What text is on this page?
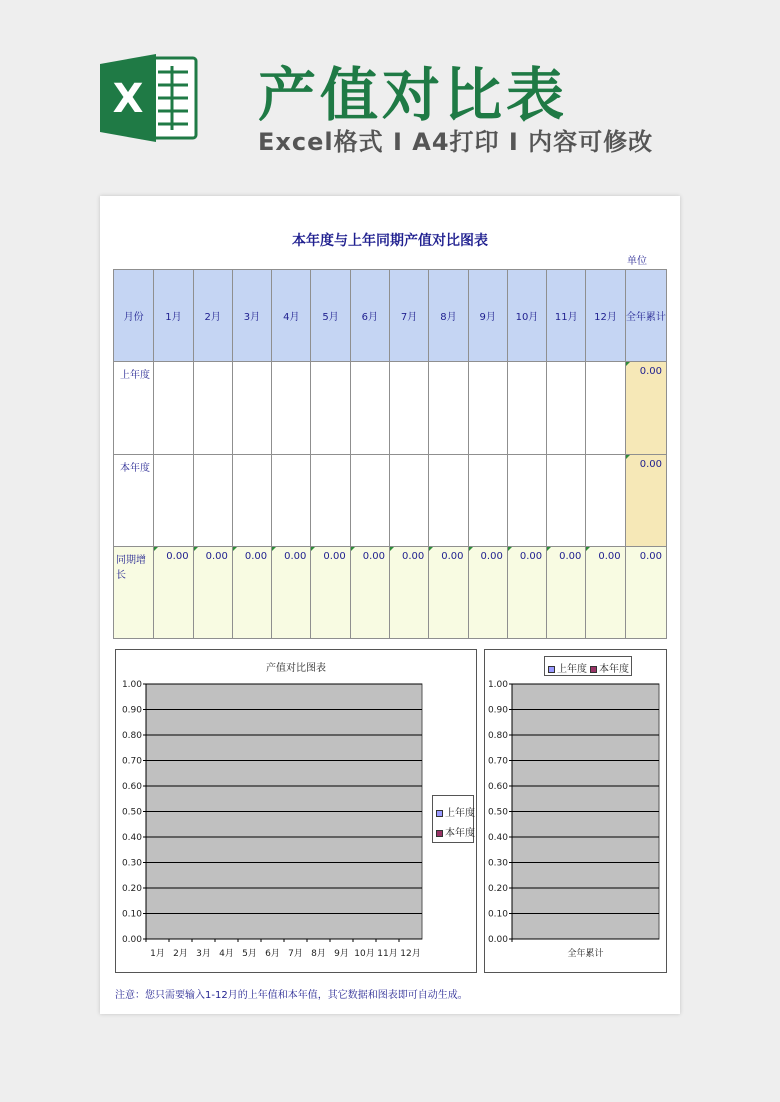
X 产值对比表
Excel格式 I A4打印 I 内容可修改
本年度与上年同期产值对比图表
单位
月份	1月	2月	3月	4月	5月	6月	7月	8月	9月	10月	11月	12月	全年累计
上年度													0.00
本年度													0.00
同期增长	0.00	0.00	0.00	0.00	0.00	0.00	0.00	0.00	0.00	0.00	0.00	0.00	0.00
产值对比图表
0.00
0.10
0.20
0.30
0.40
0.50
0.60
0.70
0.80
0.90
1.00
1月 2月 3月 4月 5月 6月 7月 8月 9月 10月 11月 12月
上年度
本年度
上年度	本年度
0.00
0.10
0.20
0.30
0.40
0.50
0.60
0.70
0.80
0.90
1.00
全年累计
注意：您只需要输入1-12月的上年值和本年值，其它数据和图表即可自动生成。
